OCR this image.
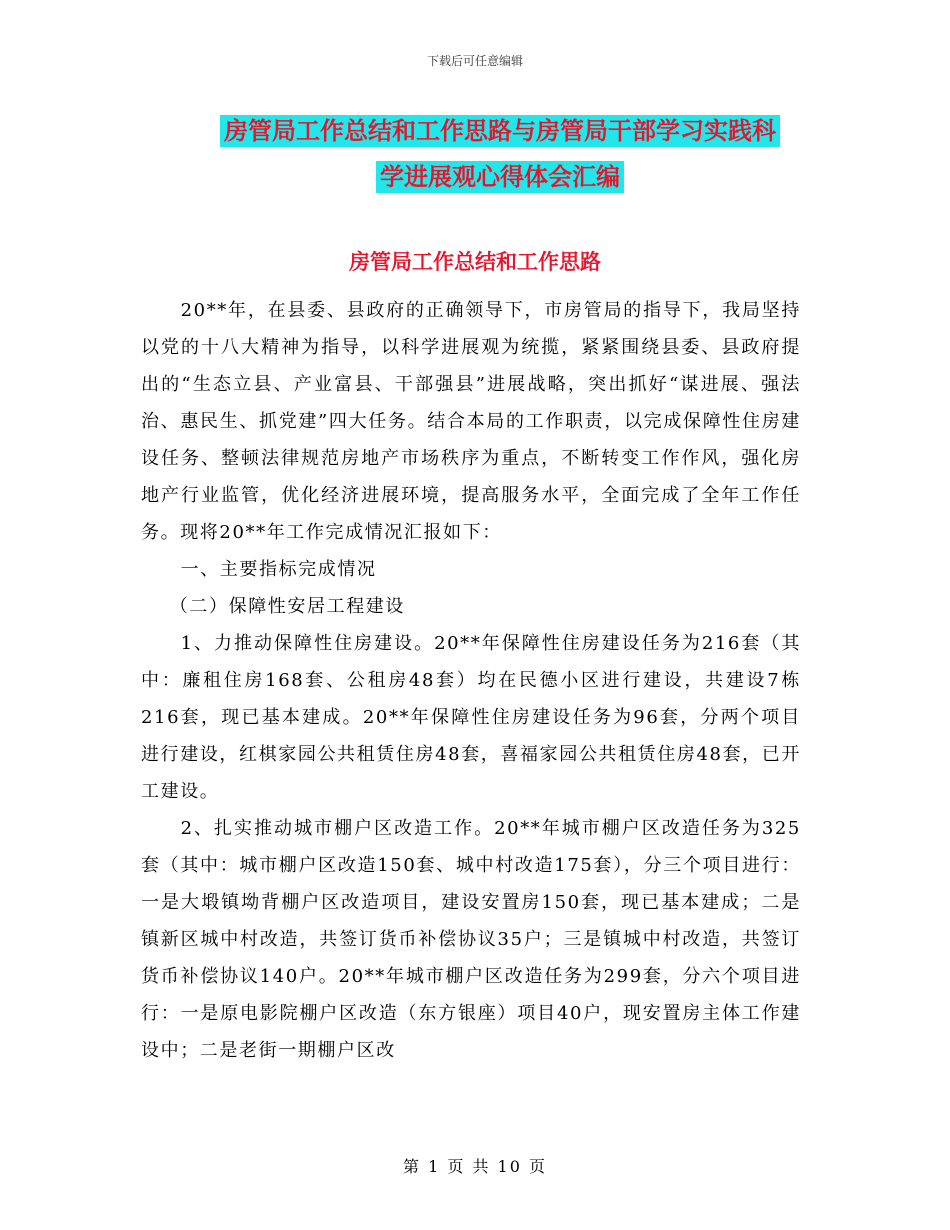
下载后可任意编辑
房管局工作总结和工作思路与房管局干部学习实践科
学进展观心得体会汇编
房管局工作总结和工作思路

20**年，在县委、县政府的正确领导下，市房管局的指导下，我局坚持以党的十八大精神为指导，以科学进展观为统揽，紧紧围绕县委、县政府提出的“生态立县、产业富县、干部强县”进展战略，突出抓好“谋进展、强法治、惠民生、抓党建”四大任务。结合本局的工作职责，以完成保障性住房建设任务、整顿法律规范房地产市场秩序为重点，不断转变工作作风，强化房地产行业监管，优化经济进展环境，提高服务水平，全面完成了全年工作任务。现将20**年工作完成情况汇报如下：

一、主要指标完成情况

（二）保障性安居工程建设

1、力推动保障性住房建设。20**年保障性住房建设任务为216套（其中：廉租住房168套、公租房48套）均在民德小区进行建设，共建设7栋216套，现已基本建成。20**年保障性住房建设任务为96套，分两个项目进行建设，红棋家园公共租赁住房48套，喜福家园公共租赁住房48套，已开工建设。

2、扎实推动城市棚户区改造工作。20**年城市棚户区改造任务为325套（其中：城市棚户区改造150套、城中村改造175套），分三个项目进行：一是大塅镇坳背棚户区改造项目，建设安置房150套，现已基本建成；二是镇新区城中村改造，共签订货币补偿协议35户；三是镇城中村改造，共签订货币补偿协议140户。20**年城市棚户区改造任务为299套，分六个项目进行：一是原电影院棚户区改造（东方银座）项目40户，现安置房主体工作建设中；二是老街一期棚户区改

第 1 页 共 10 页
